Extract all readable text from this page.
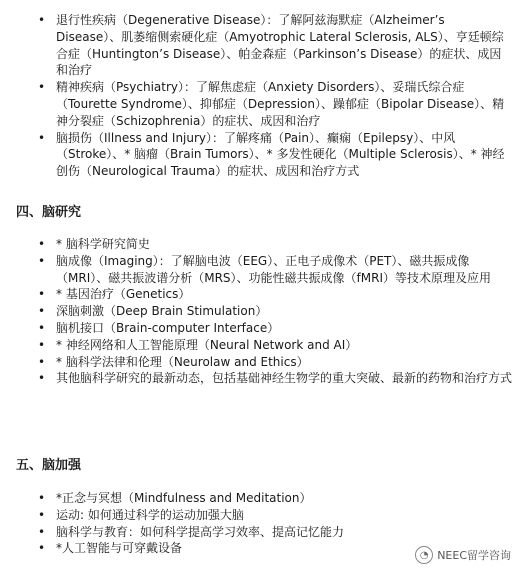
• 退行性疾病（Degenerative Disease）：了解阿兹海默症（Alzheimer’s Disease）、肌萎缩侧索硬化症（Amyotrophic Lateral Sclerosis, ALS）、亨廷顿综合症（Huntington’s Disease）、帕金森症（Parkinson’s Disease）的症状、成因和治疗
• 精神疾病（Psychiatry）：了解焦虑症（Anxiety Disorders）、妥瑞氏综合症（Tourette Syndrome）、抑郁症（Depression）、躁郁症（Bipolar Disease）、精神分裂症（Schizophrenia）的症状、成因和治疗
• 脑损伤（Illness and Injury）：了解疼痛（Pain）、癫痫（Epilepsy）、中风（Stroke）、* 脑瘤（Brain Tumors）、* 多发性硬化（Multiple Sclerosis）、* 神经创伤（Neurological Trauma）的症状、成因和治疗方式
四、脑研究
• * 脑科学研究简史
• 脑成像（Imaging）：了解脑电波（EEG）、正电子成像术（PET）、磁共振成像（MRI）、磁共振波谱分析（MRS）、功能性磁共振成像（fMRI）等技术原理及应用
• * 基因治疗（Genetics）
• 深脑刺激（Deep Brain Stimulation）
• 脑机接口（Brain-computer Interface）
• * 神经网络和人工智能原理（Neural Network and AI）
• * 脑科学法律和伦理（Neurolaw and Ethics）
• 其他脑科学研究的最新动态，包括基础神经生物学的重大突破、最新的药物和治疗方式
五、脑加强
• *正念与冥想（Mindfulness and Meditation）
• 运动: 如何通过科学的运动加强大脑
• 脑科学与教育：如何科学提高学习效率、提高记忆能力
• *人工智能与可穿戴设备	◔ NEEC留学咨询
